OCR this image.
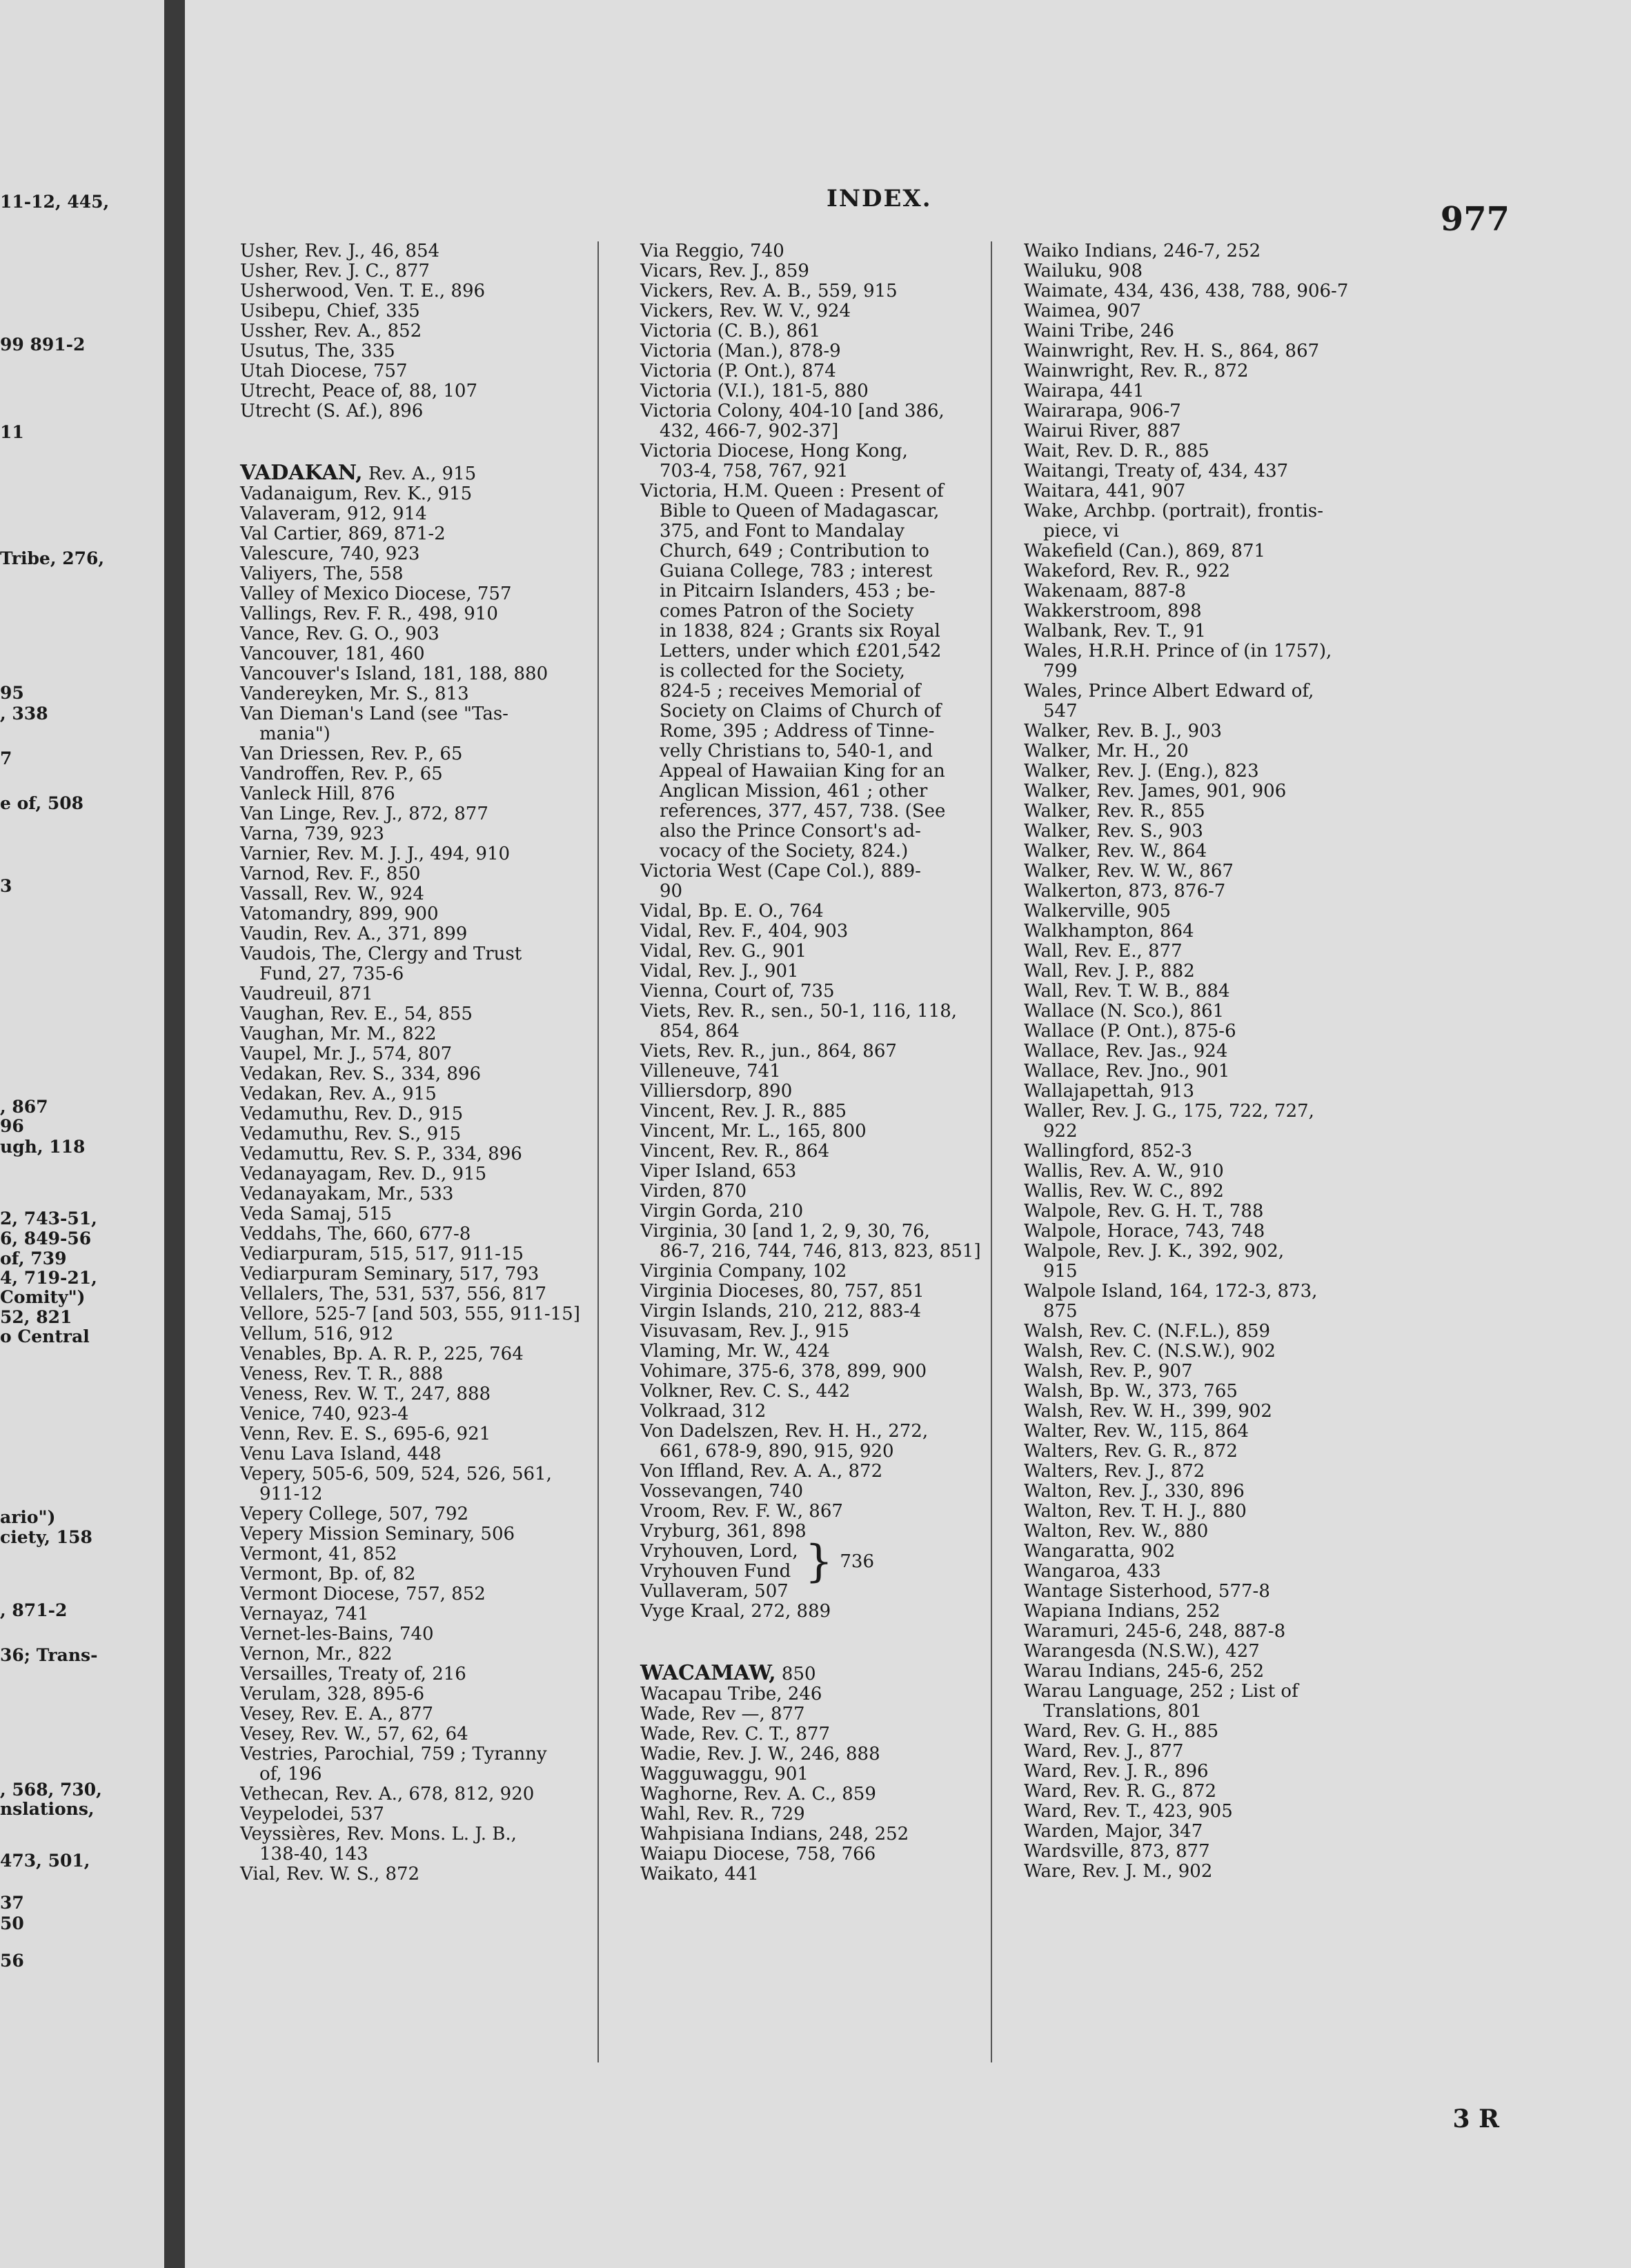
11-12, 445,
99 891-2
11
Tribe, 276,
95
, 338
7
e of, 508
3
, 867
96
ugh, 118
2, 743-51,
6, 849-56
of, 739
4, 719-21,
Comity")
52, 821
o Central
ario")
ciety, 158
, 871-2
36; Trans-
, 568, 730,
nslations,
473, 501,
37
50
56
INDEX.
977
Usher, Rev. J., 46, 854
Usher, Rev. J. C., 877
Usherwood, Ven. T. E., 896
Usibepu, Chief, 335
Ussher, Rev. A., 852
Usutus, The, 335
Utah Diocese, 757
Utrecht, Peace of, 88, 107
Utrecht (S. Af.), 896
VADAKAN, Rev. A., 915
Vadanaigum, Rev. K., 915
Valaveram, 912, 914
Val Cartier, 869, 871-2
Valescure, 740, 923
Valiyers, The, 558
Valley of Mexico Diocese, 757
Vallings, Rev. F. R., 498, 910
Vance, Rev. G. O., 903
Vancouver, 181, 460
Vancouver's Island, 181, 188, 880
Vandereyken, Mr. S., 813
Van Dieman's Land (see "Tas-
mania")
Van Driessen, Rev. P., 65
Vandroffen, Rev. P., 65
Vanleck Hill, 876
Van Linge, Rev. J., 872, 877
Varna, 739, 923
Varnier, Rev. M. J. J., 494, 910
Varnod, Rev. F., 850
Vassall, Rev. W., 924
Vatomandry, 899, 900
Vaudin, Rev. A., 371, 899
Vaudois, The, Clergy and Trust
Fund, 27, 735-6
Vaudreuil, 871
Vaughan, Rev. E., 54, 855
Vaughan, Mr. M., 822
Vaupel, Mr. J., 574, 807
Vedakan, Rev. S., 334, 896
Vedakan, Rev. A., 915
Vedamuthu, Rev. D., 915
Vedamuthu, Rev. S., 915
Vedamuttu, Rev. S. P., 334, 896
Vedanayagam, Rev. D., 915
Vedanayakam, Mr., 533
Veda Samaj, 515
Veddahs, The, 660, 677-8
Vediarpuram, 515, 517, 911-15
Vediarpuram Seminary, 517, 793
Vellalers, The, 531, 537, 556, 817
Vellore, 525-7 [and 503, 555, 911-15]
Vellum, 516, 912
Venables, Bp. A. R. P., 225, 764
Veness, Rev. T. R., 888
Veness, Rev. W. T., 247, 888
Venice, 740, 923-4
Venn, Rev. E. S., 695-6, 921
Venu Lava Island, 448
Vepery, 505-6, 509, 524, 526, 561,
911-12
Vepery College, 507, 792
Vepery Mission Seminary, 506
Vermont, 41, 852
Vermont, Bp. of, 82
Vermont Diocese, 757, 852
Vernayaz, 741
Vernet-les-Bains, 740
Vernon, Mr., 822
Versailles, Treaty of, 216
Verulam, 328, 895-6
Vesey, Rev. E. A., 877
Vesey, Rev. W., 57, 62, 64
Vestries, Parochial, 759 ; Tyranny
of, 196
Vethecan, Rev. A., 678, 812, 920
Veypelodei, 537
Veyssières, Rev. Mons. L. J. B.,
138-40, 143
Vial, Rev. W. S., 872
Via Reggio, 740
Vicars, Rev. J., 859
Vickers, Rev. A. B., 559, 915
Vickers, Rev. W. V., 924
Victoria (C. B.), 861
Victoria (Man.), 878-9
Victoria (P. Ont.), 874
Victoria (V.I.), 181-5, 880
Victoria Colony, 404-10 [and 386,
432, 466-7, 902-37]
Victoria Diocese, Hong Kong,
703-4, 758, 767, 921
Victoria, H.M. Queen : Present of
Bible to Queen of Madagascar,
375, and Font to Mandalay
Church, 649 ; Contribution to
Guiana College, 783 ; interest
in Pitcairn Islanders, 453 ; be-
comes Patron of the Society
in 1838, 824 ; Grants six Royal
Letters, under which £201,542
is collected for the Society,
824-5 ; receives Memorial of
Society on Claims of Church of
Rome, 395 ; Address of Tinne-
velly Christians to, 540-1, and
Appeal of Hawaiian King for an
Anglican Mission, 461 ; other
references, 377, 457, 738. (See
also the Prince Consort's ad-
vocacy of the Society, 824.)
Victoria West (Cape Col.), 889-
90
Vidal, Bp. E. O., 764
Vidal, Rev. F., 404, 903
Vidal, Rev. G., 901
Vidal, Rev. J., 901
Vienna, Court of, 735
Viets, Rev. R., sen., 50-1, 116, 118,
854, 864
Viets, Rev. R., jun., 864, 867
Villeneuve, 741
Villiersdorp, 890
Vincent, Rev. J. R., 885
Vincent, Mr. L., 165, 800
Vincent, Rev. R., 864
Viper Island, 653
Virden, 870
Virgin Gorda, 210
Virginia, 30 [and 1, 2, 9, 30, 76,
86-7, 216, 744, 746, 813, 823, 851]
Virginia Company, 102
Virginia Dioceses, 80, 757, 851
Virgin Islands, 210, 212, 883-4
Visuvasam, Rev. J., 915
Vlaming, Mr. W., 424
Vohimare, 375-6, 378, 899, 900
Volkner, Rev. C. S., 442
Volkraad, 312
Von Dadelszen, Rev. H. H., 272,
661, 678-9, 890, 915, 920
Von Iffland, Rev. A. A., 872
Vossevangen, 740
Vroom, Rev. F. W., 867
Vryburg, 361, 898
Vryhouven, Lord,
Vryhouven Fund } 736
Vullaveram, 507
Vyge Kraal, 272, 889
WACAMAW, 850
Wacapau Tribe, 246
Wade, Rev —, 877
Wade, Rev. C. T., 877
Wadie, Rev. J. W., 246, 888
Wagguwaggu, 901
Waghorne, Rev. A. C., 859
Wahl, Rev. R., 729
Wahpisiana Indians, 248, 252
Waiapu Diocese, 758, 766
Waikato, 441
Waiko Indians, 246-7, 252
Wailuku, 908
Waimate, 434, 436, 438, 788, 906-7
Waimea, 907
Waini Tribe, 246
Wainwright, Rev. H. S., 864, 867
Wainwright, Rev. R., 872
Wairapa, 441
Wairarapa, 906-7
Wairui River, 887
Wait, Rev. D. R., 885
Waitangi, Treaty of, 434, 437
Waitara, 441, 907
Wake, Archbp. (portrait), frontis-
piece, vi
Wakefield (Can.), 869, 871
Wakeford, Rev. R., 922
Wakenaam, 887-8
Wakkerstroom, 898
Walbank, Rev. T., 91
Wales, H.R.H. Prince of (in 1757),
799
Wales, Prince Albert Edward of,
547
Walker, Rev. B. J., 903
Walker, Mr. H., 20
Walker, Rev. J. (Eng.), 823
Walker, Rev. James, 901, 906
Walker, Rev. R., 855
Walker, Rev. S., 903
Walker, Rev. W., 864
Walker, Rev. W. W., 867
Walkerton, 873, 876-7
Walkerville, 905
Walkhampton, 864
Wall, Rev. E., 877
Wall, Rev. J. P., 882
Wall, Rev. T. W. B., 884
Wallace (N. Sco.), 861
Wallace (P. Ont.), 875-6
Wallace, Rev. Jas., 924
Wallace, Rev. Jno., 901
Wallajapettah, 913
Waller, Rev. J. G., 175, 722, 727,
922
Wallingford, 852-3
Wallis, Rev. A. W., 910
Wallis, Rev. W. C., 892
Walpole, Rev. G. H. T., 788
Walpole, Horace, 743, 748
Walpole, Rev. J. K., 392, 902,
915
Walpole Island, 164, 172-3, 873,
875
Walsh, Rev. C. (N.F.L.), 859
Walsh, Rev. C. (N.S.W.), 902
Walsh, Rev. P., 907
Walsh, Bp. W., 373, 765
Walsh, Rev. W. H., 399, 902
Walter, Rev. W., 115, 864
Walters, Rev. G. R., 872
Walters, Rev. J., 872
Walton, Rev. J., 330, 896
Walton, Rev. T. H. J., 880
Walton, Rev. W., 880
Wangaratta, 902
Wangaroa, 433
Wantage Sisterhood, 577-8
Wapiana Indians, 252
Waramuri, 245-6, 248, 887-8
Warangesda (N.S.W.), 427
Warau Indians, 245-6, 252
Warau Language, 252 ; List of
Translations, 801
Ward, Rev. G. H., 885
Ward, Rev. J., 877
Ward, Rev. J. R., 896
Ward, Rev. R. G., 872
Ward, Rev. T., 423, 905
Warden, Major, 347
Wardsville, 873, 877
Ware, Rev. J. M., 902
3 R
